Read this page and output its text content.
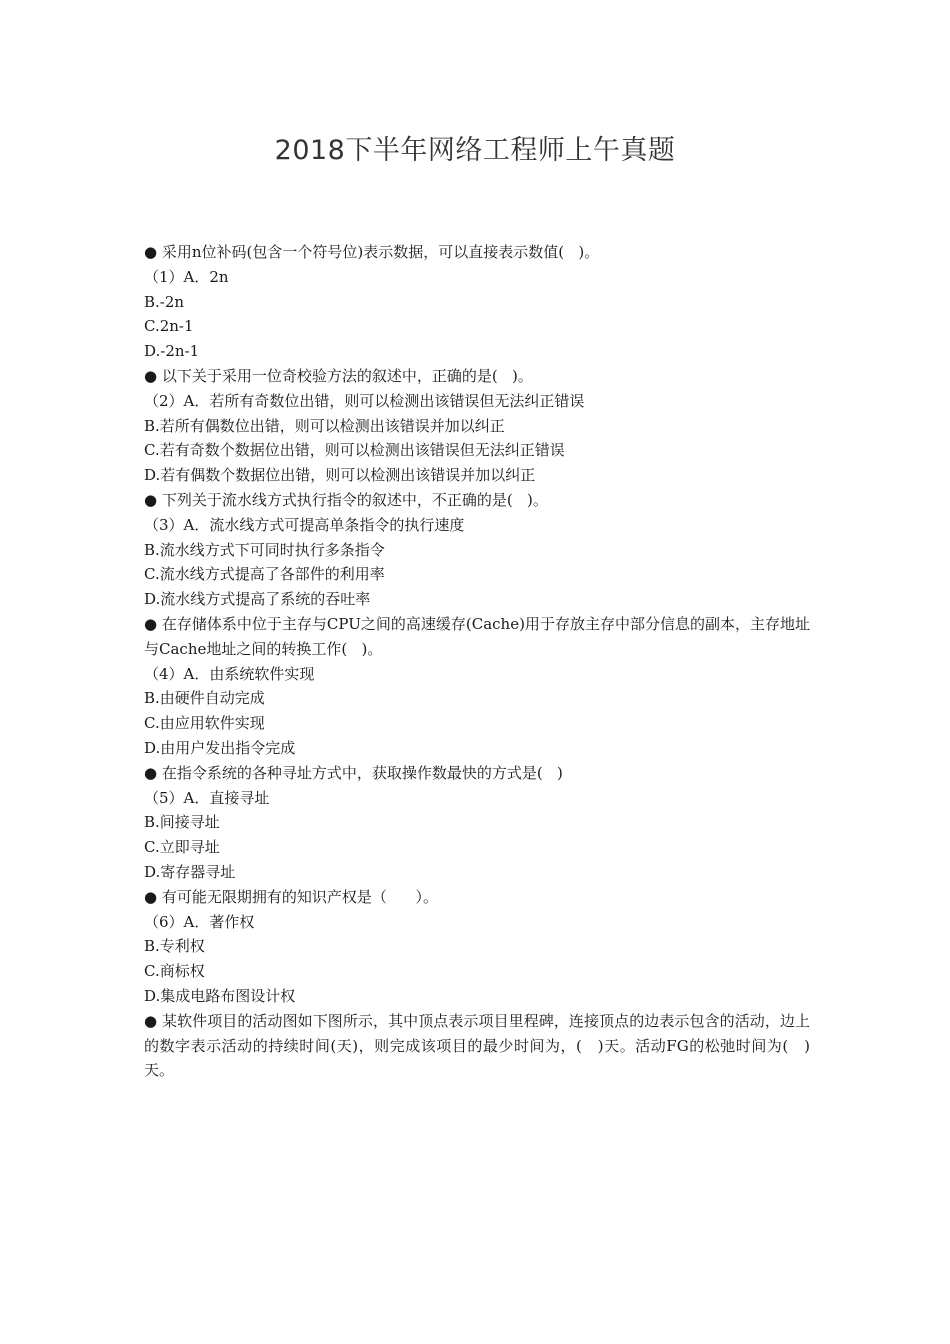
2018下半年网络工程师上午真题

● 采用n位补码(包含一个符号位)表示数据，可以直接表示数值(   )。

（1）A．2n

B.-2n

C.2n-1

D.-2n-1

● 以下关于采用一位奇校验方法的叙述中，正确的是(   )。

（2）A．若所有奇数位出错，则可以检测出该错误但无法纠正错误

B.若所有偶数位出错，则可以检测出该错误并加以纠正

C.若有奇数个数据位出错，则可以检测出该错误但无法纠正错误

D.若有偶数个数据位出错，则可以检测出该错误并加以纠正

● 下列关于流水线方式执行指令的叙述中，不正确的是(   )。

（3）A．流水线方式可提高单条指令的执行速度

B.流水线方式下可同时执行多条指令

C.流水线方式提高了各部件的利用率

D.流水线方式提高了系统的吞吐率

● 在存储体系中位于主存与CPU之间的高速缓存(Cache)用于存放主存中部分信息的副本，主存地址与Cache地址之间的转换工作(   )。

（4）A．由系统软件实现

B.由硬件自动完成

C.由应用软件实现

D.由用户发出指令完成

● 在指令系统的各种寻址方式中，获取操作数最快的方式是(   )

（5）A．直接寻址

B.间接寻址

C.立即寻址

D.寄存器寻址

● 有可能无限期拥有的知识产权是（      ）。

（6）A．著作权

B.专利权

C.商标权

D.集成电路布图设计权

● 某软件项目的活动图如下图所示，其中顶点表示项目里程碑，连接顶点的边表示包含的活动，边上的数字表示活动的持续时间(天)，则完成该项目的最少时间为，(   )天。活动FG的松弛时间为(   )天。
